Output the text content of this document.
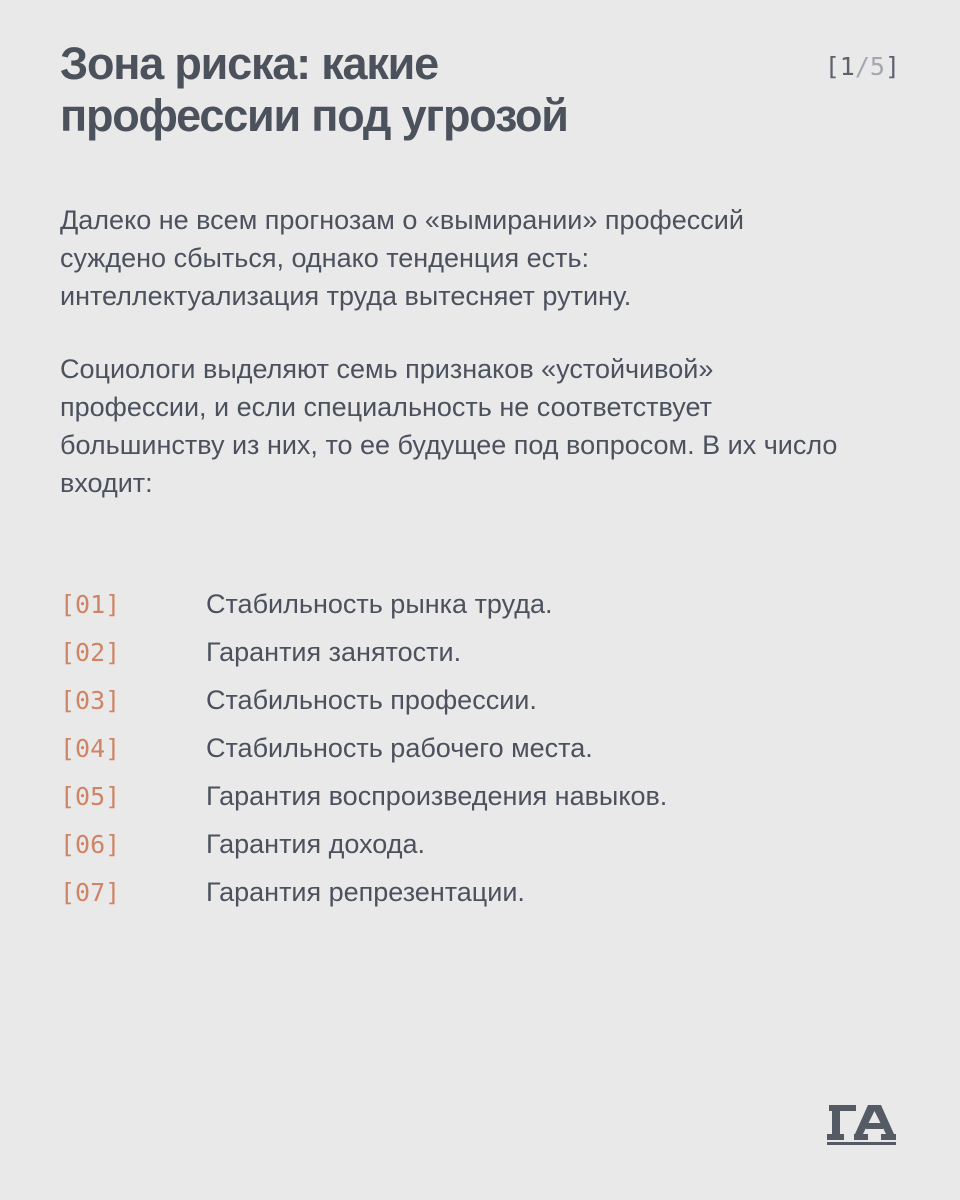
Зона риска: какие
профессии под угрозой
[1/5]

Далеко не всем прогнозам о «вымирании» профессий
суждено сбыться, однако тенденция есть:
интеллектуализация труда вытесняет рутину.

Социологи выделяют семь признаков «устойчивой»
профессии, и если специальность не соответствует
большинству из них, то ее будущее под вопросом. В их число
входит:

[01]	Стабильность рынка труда.
[02]	Гарантия занятости.
[03]	Стабильность профессии.
[04]	Стабильность рабочего места.
[05]	Гарантия воспроизведения навыков.
[06]	Гарантия дохода.
[07]	Гарантия репрезентации.
